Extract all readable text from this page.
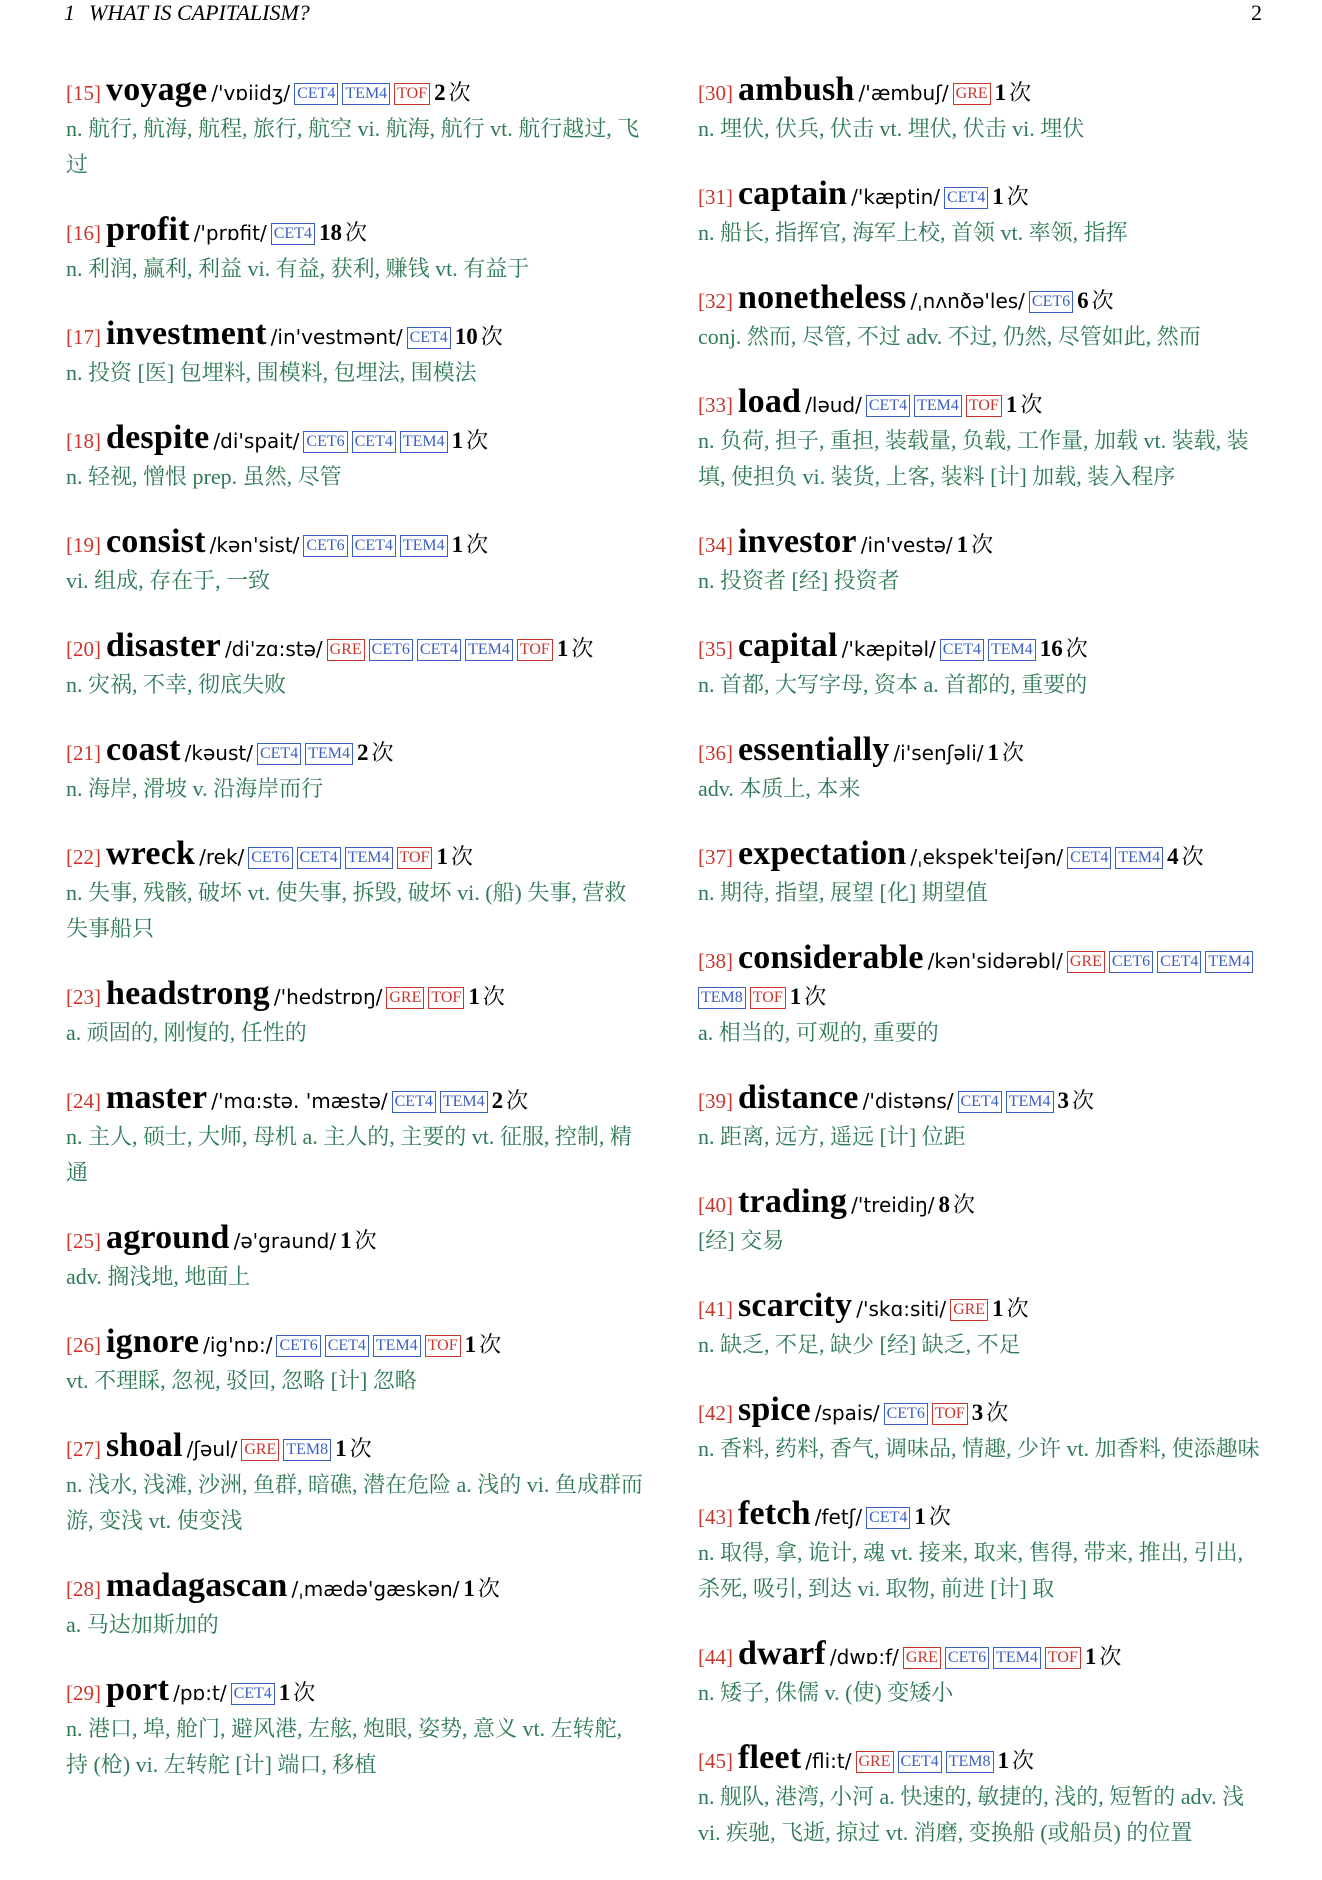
1 WHAT IS CAPITALISM?	2
[15] voyage /'vɒiidʒ/ CET4 TEM4 TOF 2 次
n. 航行, 航海, 航程, 旅行, 航空 vi. 航海, 航行 vt. 航行越过, 飞过
[16] profit /'prɒfit/ CET4 18 次
n. 利润, 赢利, 利益 vi. 有益, 获利, 赚钱 vt. 有益于
[17] investment /in'vestmənt/ CET4 10 次
n. 投资 [医] 包埋料, 围模料, 包埋法, 围模法
[18] despite /di'spait/ CET6 CET4 TEM4 1 次
n. 轻视, 憎恨 prep. 虽然, 尽管
[19] consist /kən'sist/ CET6 CET4 TEM4 1 次
vi. 组成, 存在于, 一致
[20] disaster /di'zɑ:stə/ GRE CET6 CET4 TEM4 TOF 1 次
n. 灾祸, 不幸, 彻底失败
[21] coast /kəust/ CET4 TEM4 2 次
n. 海岸, 滑坡 v. 沿海岸而行
[22] wreck /rek/ CET6 CET4 TEM4 TOF 1 次
n. 失事, 残骸, 破坏 vt. 使失事, 拆毁, 破坏 vi. (船) 失事, 营救失事船只
[23] headstrong /'hedstrɒŋ/ GRE TOF 1 次
a. 顽固的, 刚愎的, 任性的
[24] master /'mɑ:stə. 'mæstə/ CET4 TEM4 2 次
n. 主人, 硕士, 大师, 母机 a. 主人的, 主要的 vt. 征服, 控制, 精通
[25] aground /ə'graund/ 1 次
adv. 搁浅地, 地面上
[26] ignore /ig'nɒ:/ CET6 CET4 TEM4 TOF 1 次
vt. 不理睬, 忽视, 驳回, 忽略 [计] 忽略
[27] shoal /ʃəul/ GRE TEM8 1 次
n. 浅水, 浅滩, 沙洲, 鱼群, 暗礁, 潜在危险 a. 浅的 vi. 鱼成群而游, 变浅 vt. 使变浅
[28] madagascan /ˌmædə'gæskən/ 1 次
a. 马达加斯加的
[29] port /pɒ:t/ CET4 1 次
n. 港口, 埠, 舱门, 避风港, 左舷, 炮眼, 姿势, 意义 vt. 左转舵, 持 (枪) vi. 左转舵 [计] 端口, 移植
[30] ambush /'æmbuʃ/ GRE 1 次
n. 埋伏, 伏兵, 伏击 vt. 埋伏, 伏击 vi. 埋伏
[31] captain /'kæptin/ CET4 1 次
n. 船长, 指挥官, 海军上校, 首领 vt. 率领, 指挥
[32] nonetheless /ˌnʌnðə'les/ CET6 6 次
conj. 然而, 尽管, 不过 adv. 不过, 仍然, 尽管如此, 然而
[33] load /ləud/ CET4 TEM4 TOF 1 次
n. 负荷, 担子, 重担, 装载量, 负载, 工作量, 加载 vt. 装载, 装填, 使担负 vi. 装货, 上客, 装料 [计] 加载, 装入程序
[34] investor /in'vestə/ 1 次
n. 投资者 [经] 投资者
[35] capital /'kæpitəl/ CET4 TEM4 16 次
n. 首都, 大写字母, 资本 a. 首都的, 重要的
[36] essentially /i'senʃəli/ 1 次
adv. 本质上, 本来
[37] expectation /ˌekspek'teiʃən/ CET4 TEM4 4 次
n. 期待, 指望, 展望 [化] 期望值
[38] considerable /kən'sidərəbl/ GRE CET6 CET4 TEM4TEM8 TOF 1 次
a. 相当的, 可观的, 重要的
[39] distance /'distəns/ CET4 TEM4 3 次
n. 距离, 远方, 遥远 [计] 位距
[40] trading /'treidiŋ/ 8 次
[经] 交易
[41] scarcity /'skɑ:siti/ GRE 1 次
n. 缺乏, 不足, 缺少 [经] 缺乏, 不足
[42] spice /spais/ CET6 TOF 3 次
n. 香料, 药料, 香气, 调味品, 情趣, 少许 vt. 加香料, 使添趣味
[43] fetch /fetʃ/ CET4 1 次
n. 取得, 拿, 诡计, 魂 vt. 接来, 取来, 售得, 带来, 推出, 引出, 杀死, 吸引, 到达 vi. 取物, 前进 [计] 取
[44] dwarf /dwɒ:f/ GRE CET6 TEM4 TOF 1 次
n. 矮子, 侏儒 v. (使) 变矮小
[45] fleet /fli:t/ GRE CET4 TEM8 1 次
n. 舰队, 港湾, 小河 a. 快速的, 敏捷的, 浅的, 短暂的 adv. 浅 vi. 疾驰, 飞逝, 掠过 vt. 消磨, 变换船 (或船员) 的位置
